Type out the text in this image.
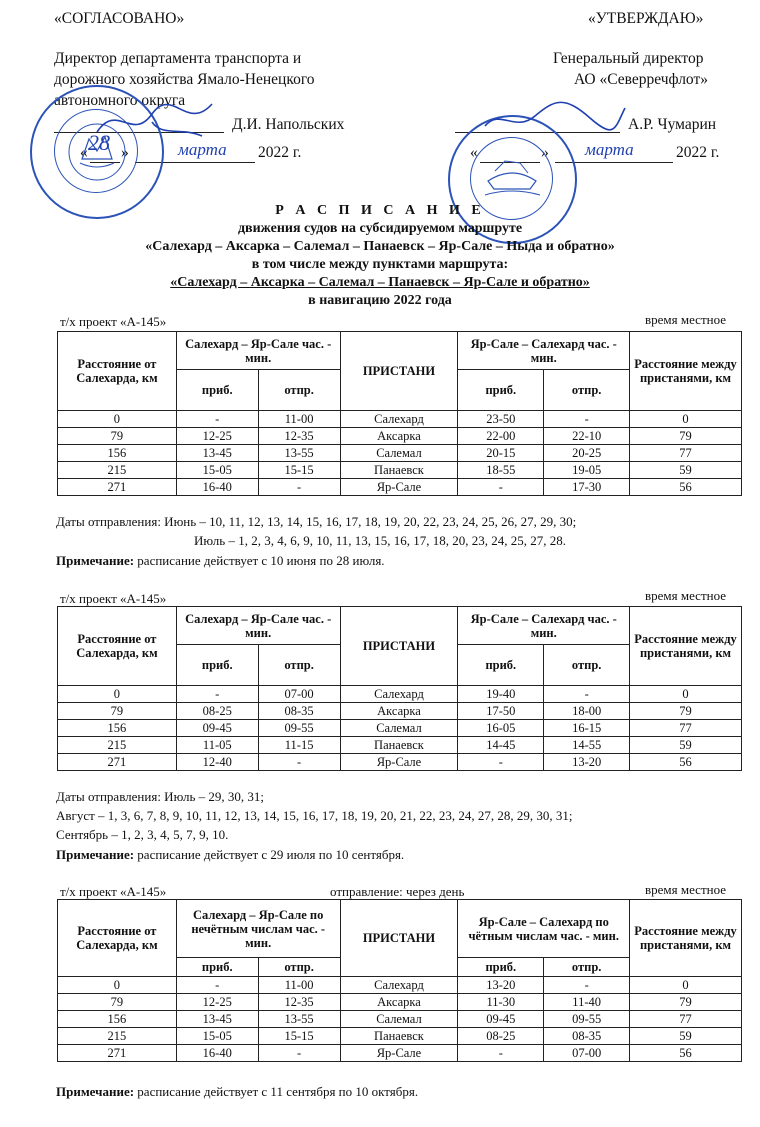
«СОГЛАСОВАНО»
Директор департамента транспорта и
дорожного хозяйства Ямало-Ненецкого
автономного округа
Д.И. Напольских
« »	2022 г.
«УТВЕРЖДАЮ»
Генеральный директор
АО «Северречфлот»
А.Р. Чумарин
«	»	2022 г.
28	марта	марта
Р А С П И С А Н И Е
движения судов на субсидируемом маршруте
«Салехард – Аксарка – Салемал – Панаевск – Яр-Сале – Ныда и обратно»
в том числе между пунктами маршрута:
«Салехард – Аксарка – Салемал – Панаевск – Яр-Сале и обратно»
в навигацию 2022 года
т/х проект «А-145»	время местное
Расстояние от Салехарда, км	Салехард – Яр-Сале час. - мин.		ПРИСТАНИ	Яр-Сале – Салехард час. - мин.		Расстояние между пристанями, км
	приб.	отпр.		приб.	отпр.	
0	-	11-00	Салехард	23-50	-	0
79	12-25	12-35	Аксарка	22-00	22-10	79
156	13-45	13-55	Салемал	20-15	20-25	77
215	15-05	15-15	Панаевск	18-55	19-05	59
271	16-40	-	Яр-Сале	-	17-30	56
Даты отправления: Июнь – 10, 11, 12, 13, 14, 15, 16, 17, 18, 19, 20, 22, 23, 24, 25, 26, 27, 29, 30;
Июль – 1, 2, 3, 4, 6, 9, 10, 11, 13, 15, 16, 17, 18, 20, 23, 24, 25, 27, 28.
Примечание: расписание действует с 10 июня по 28 июля.
т/х проект «А-145»	время местное
Расстояние от Салехарда, км	Салехард – Яр-Сале час. - мин.		ПРИСТАНИ	Яр-Сале – Салехард час. - мин.		Расстояние между пристанями, км
	приб.	отпр.		приб.	отпр.	
0	-	07-00	Салехард	19-40	-	0
79	08-25	08-35	Аксарка	17-50	18-00	79
156	09-45	09-55	Салемал	16-05	16-15	77
215	11-05	11-15	Панаевск	14-45	14-55	59
271	12-40	-	Яр-Сале	-	13-20	56
Даты отправления: Июль – 29, 30, 31;
Август – 1, 3, 6, 7, 8, 9, 10, 11, 12, 13, 14, 15, 16, 17, 18, 19, 20, 21, 22, 23, 24, 27, 28, 29, 30, 31;
Сентябрь – 1, 2, 3, 4, 5, 7, 9, 10.
Примечание: расписание действует с 29 июля по 10 сентября.
т/х проект «А-145»	отправление: через день	время местное
Расстояние от Салехарда, км	Салехард – Яр-Сале по нечётным числам час. - мин.		ПРИСТАНИ	Яр-Сале – Салехард по чётным числам час. - мин.		Расстояние между пристанями, км
	приб.	отпр.		приб.	отпр.	
0	-	11-00	Салехард	13-20	-	0
79	12-25	12-35	Аксарка	11-30	11-40	79
156	13-45	13-55	Салемал	09-45	09-55	77
215	15-05	15-15	Панаевск	08-25	08-35	59
271	16-40	-	Яр-Сале	-	07-00	56
Примечание: расписание действует с 11 сентября по 10 октября.
